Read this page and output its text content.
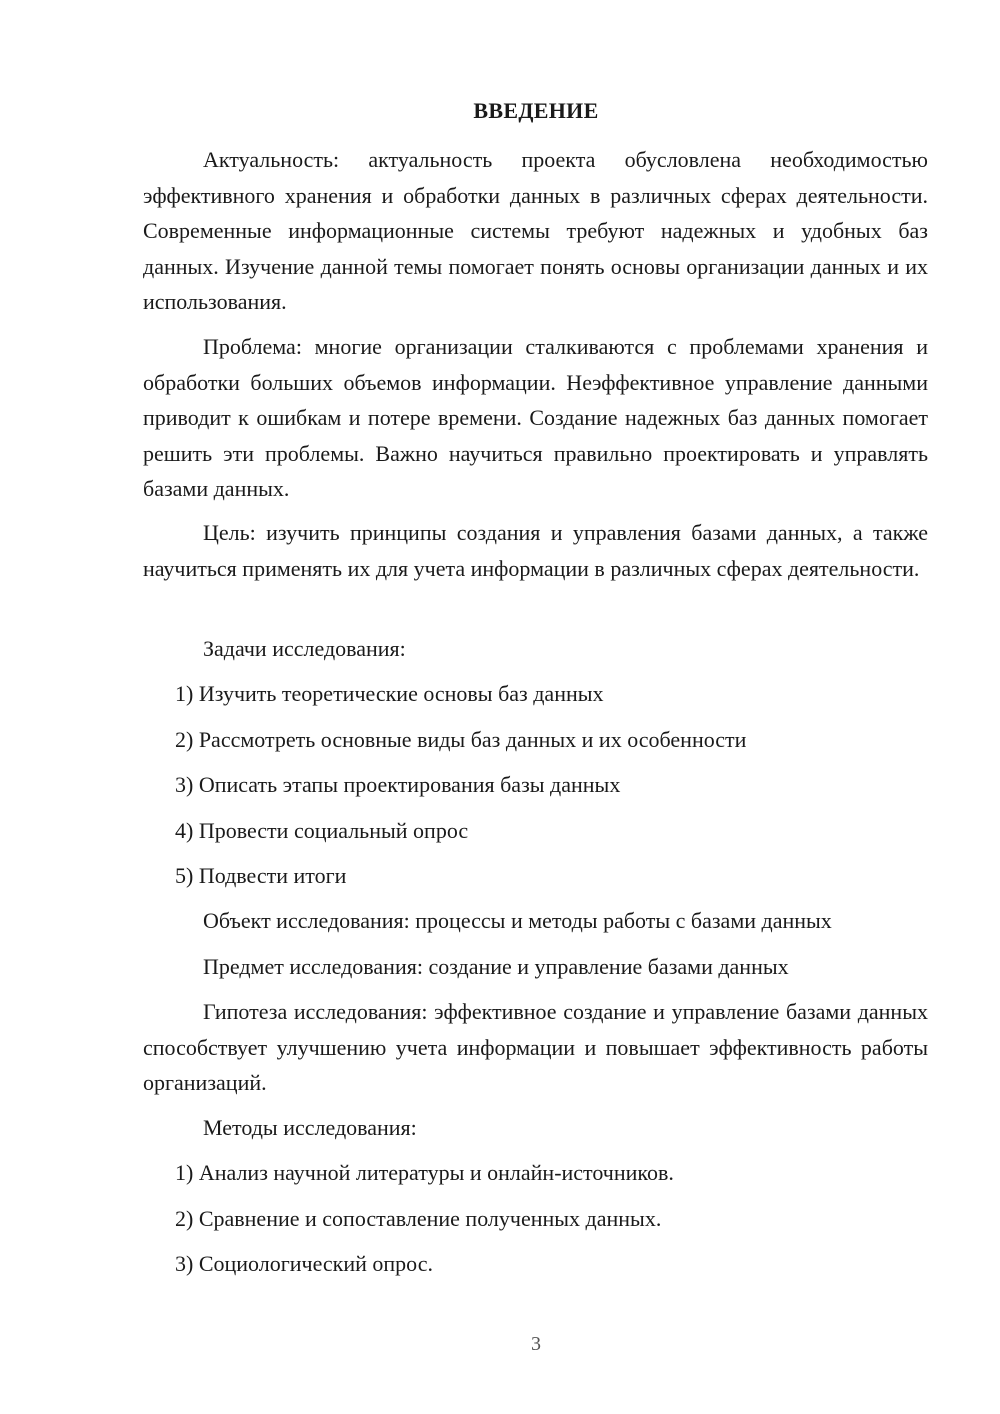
ВВЕДЕНИЕ

Актуальность: актуальность проекта обусловлена необходимостью эффективного хранения и обработки данных в различных сферах деятельности. Современные информационные системы требуют надежных и удобных баз данных. Изучение данной темы помогает понять основы организации данных и их использования.

Проблема: многие организации сталкиваются с проблемами хранения и обработки больших объемов информации. Неэффективное управление данными приводит к ошибкам и потере времени. Создание надежных баз данных помогает решить эти проблемы. Важно научиться правильно проектировать и управлять базами данных.

Цель: изучить принципы создания и управления базами данных, а также научиться применять их для учета информации в различных сферах деятельности.

Задачи исследования:

1) Изучить теоретические основы баз данных

2) Рассмотреть основные виды баз данных и их особенности

3) Описать этапы проектирования базы данных

4) Провести социальный опрос

5) Подвести итоги

Объект исследования: процессы и методы работы с базами данных

Предмет исследования: создание и управление базами данных

Гипотеза исследования: эффективное создание и управление базами данных способствует улучшению учета информации и повышает эффективность работы организаций.

Методы исследования:

1) Анализ научной литературы и онлайн-источников.

2) Сравнение и сопоставление полученных данных.

3) Социологический опрос.

3
